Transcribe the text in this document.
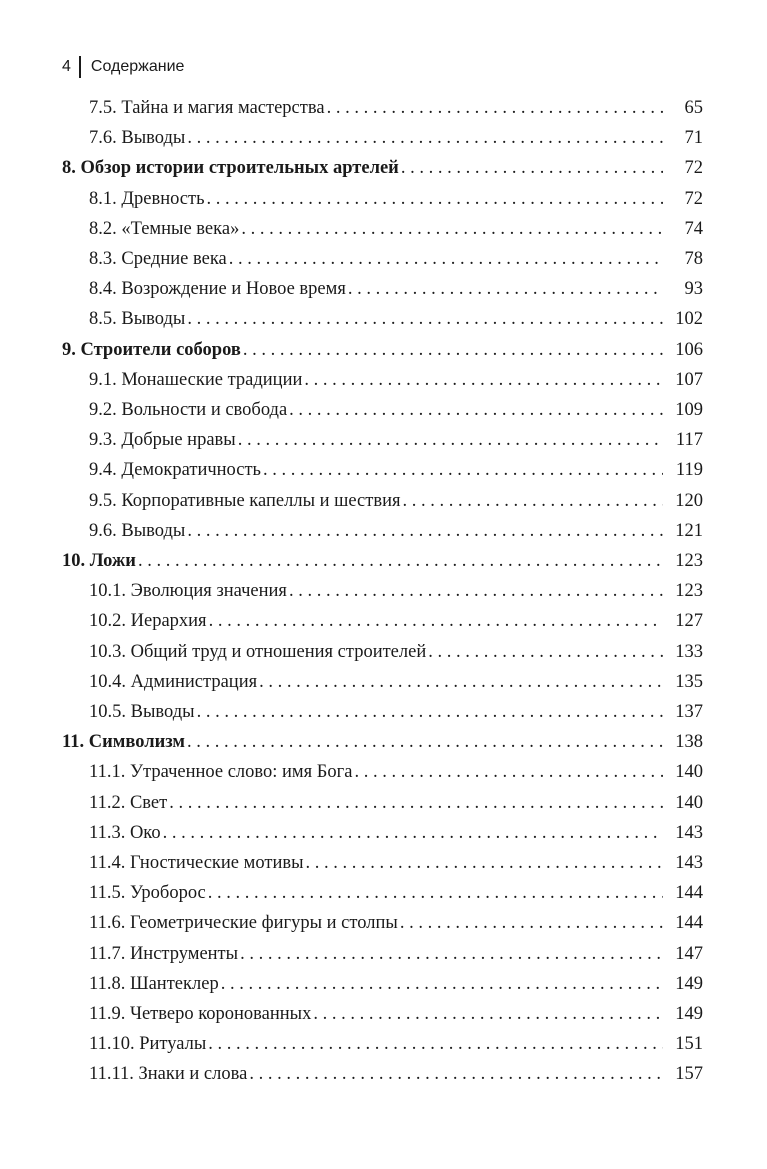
4 Содержание
7.5. Тайна и магия мастерства . . .	65
7.6. Выводы . . .	71
8. Обзор истории строительных артелей . . .	72
8.1. Древность . . .	72
8.2. «Темные века» . . .	74
8.3. Средние века . . .	78
8.4. Возрождение и Новое время . . .	93
8.5. Выводы . . .	102
9. Строители соборов . . .	106
9.1. Монашеские традиции . . .	107
9.2. Вольности и свобода . . .	109
9.3. Добрые нравы . . .	117
9.4. Демократичность . . .	119
9.5. Корпоративные капеллы и шествия . . .	120
9.6. Выводы . . .	121
10. Ложи . . .	123
10.1. Эволюция значения . . .	123
10.2. Иерархия . . .	127
10.3. Общий труд и отношения строителей . . .	133
10.4. Администрация . . .	135
10.5. Выводы . . .	137
11. Символизм . . .	138
11.1. Утраченное слово: имя Бога . . .	140
11.2. Свет . . .	140
11.3. Око . . .	143
11.4. Гностические мотивы . . .	143
11.5. Уроборос . . .	144
11.6. Геометрические фигуры и столпы . . .	144
11.7. Инструменты . . .	147
11.8. Шантеклер . . .	149
11.9. Четверо коронованных . . .	149
11.10. Ритуалы . . .	151
11.11. Знаки и слова . . .	157
